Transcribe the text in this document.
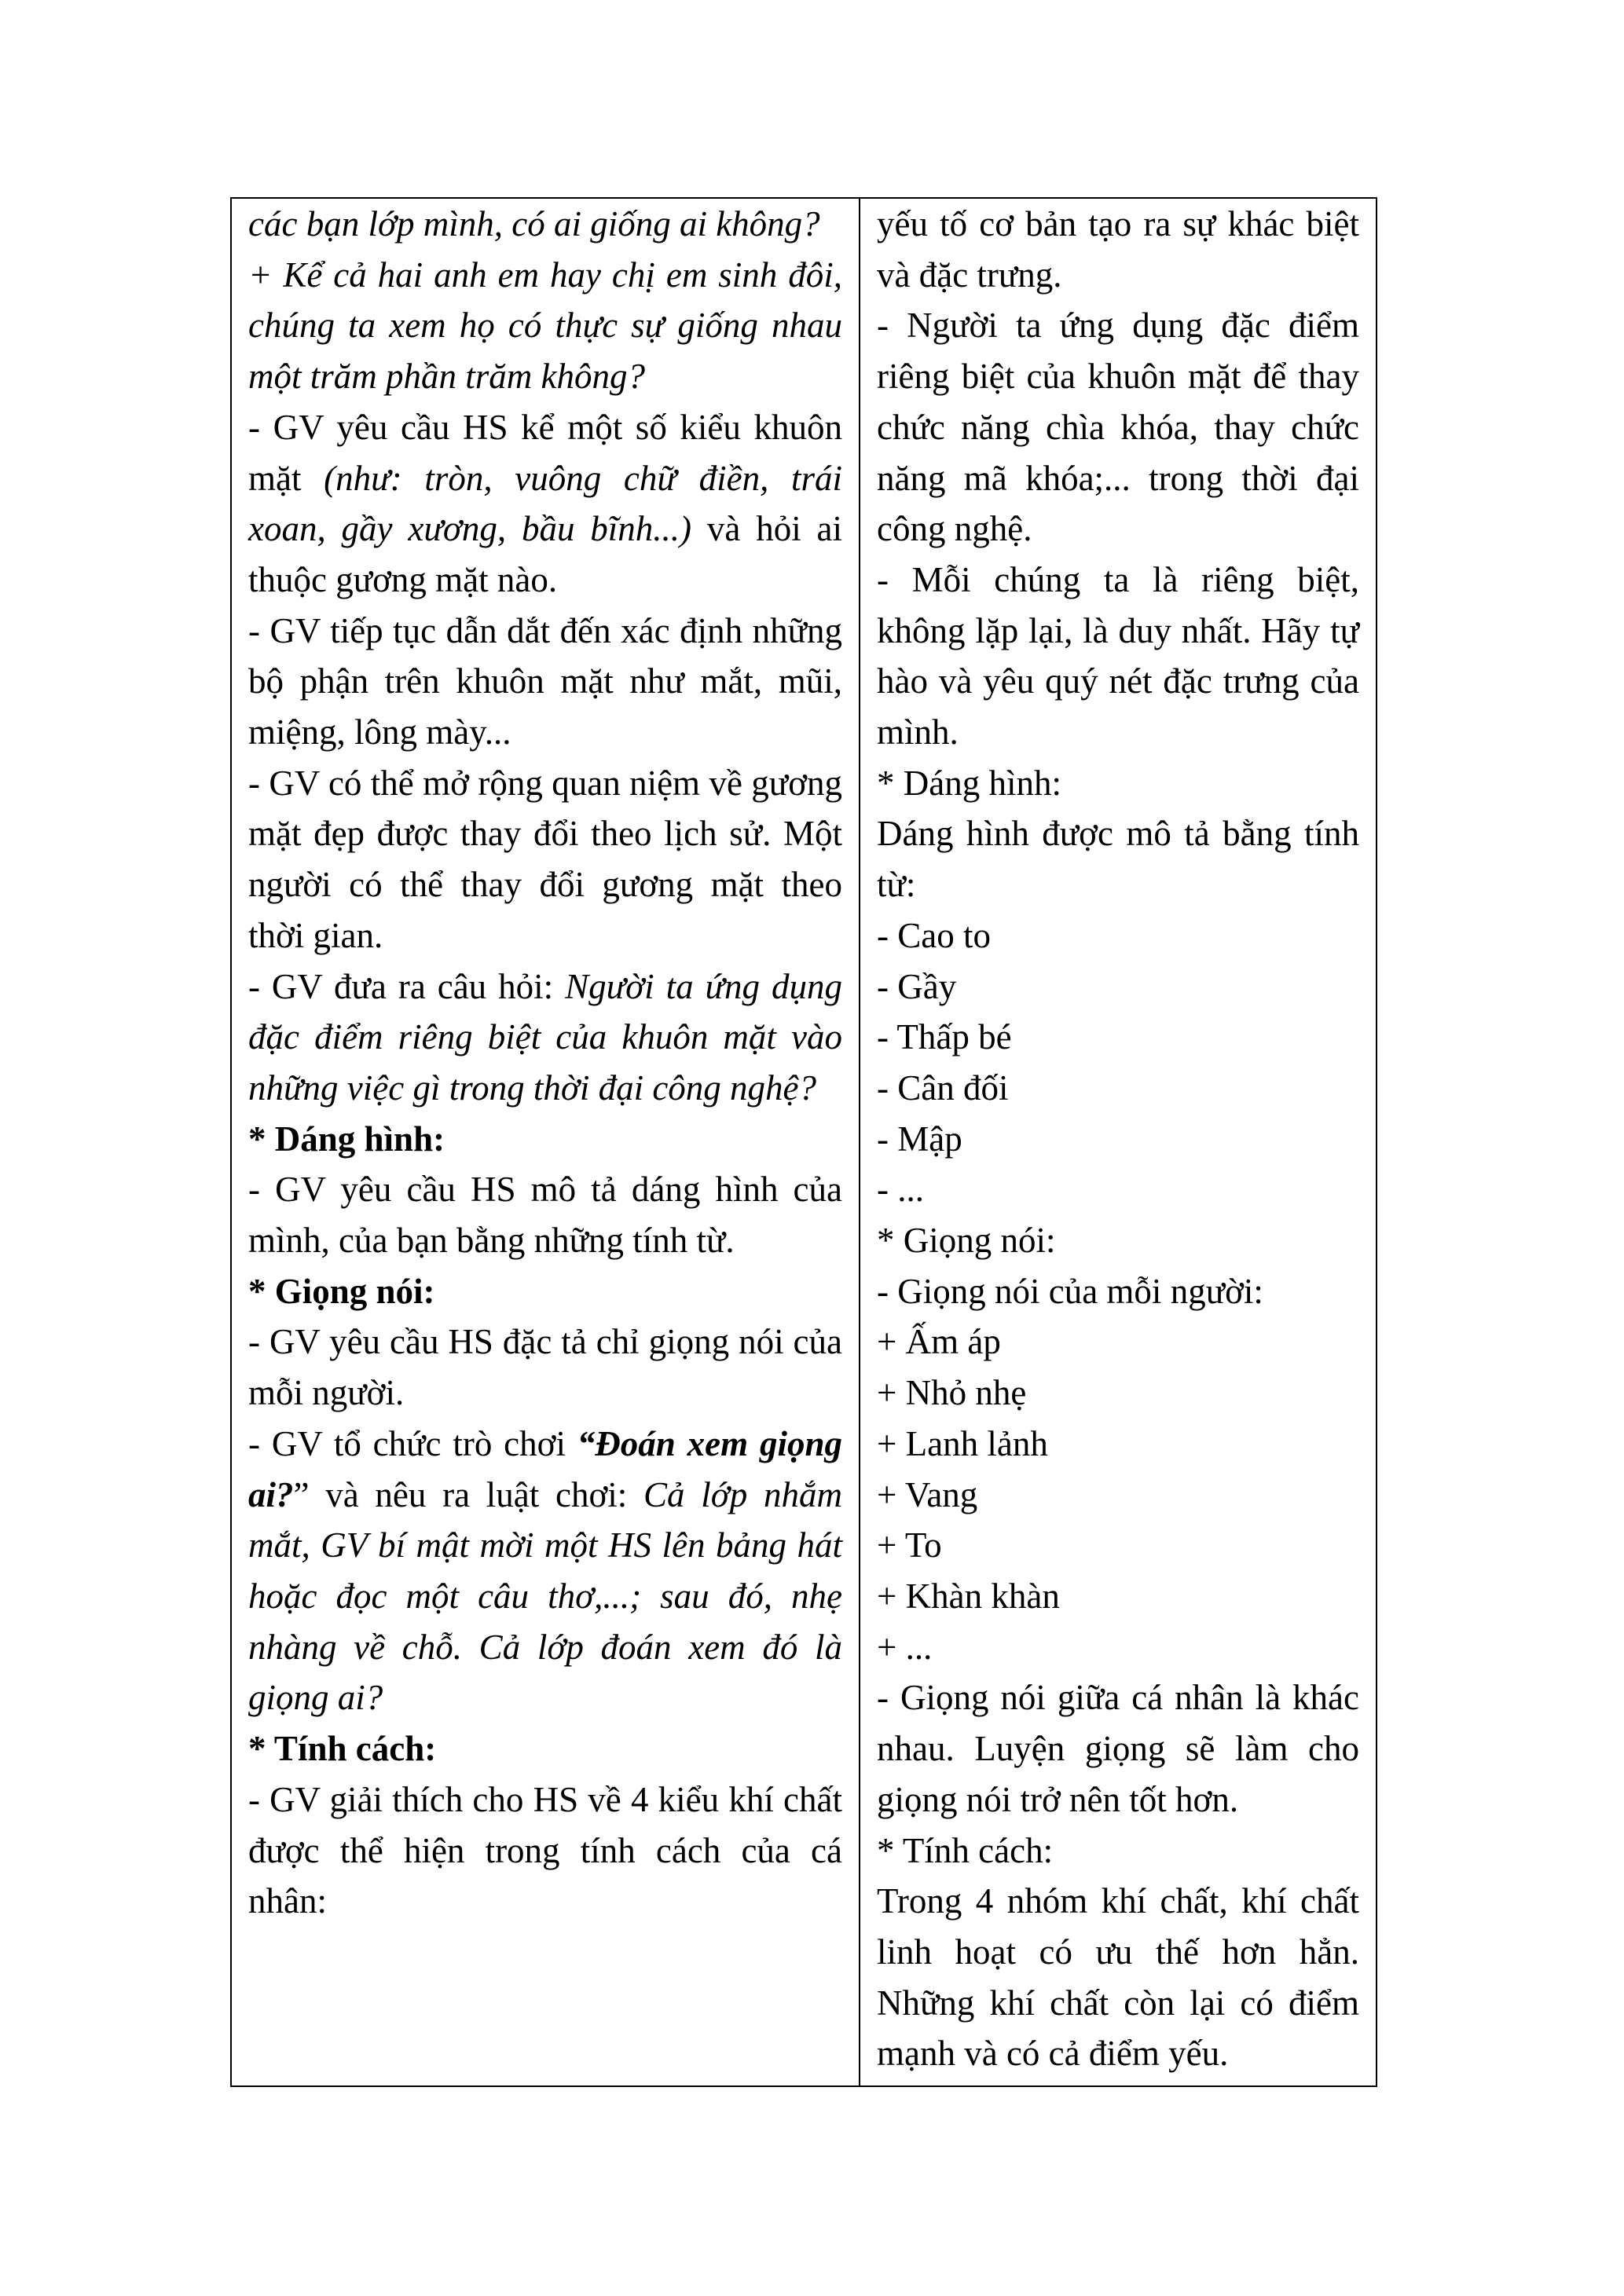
các bạn lớp mình, có ai giống ai không?

+ Kể cả hai anh em hay chị em sinh đôi, chúng ta xem họ có thực sự giống nhau một trăm phần trăm không?

- GV yêu cầu HS kể một số kiểu khuôn mặt (như: tròn, vuông chữ điền, trái xoan, gầy xương, bầu bĩnh...) và hỏi ai thuộc gương mặt nào.

- GV tiếp tục dẫn dắt đến xác định những bộ phận trên khuôn mặt như mắt, mũi, miệng, lông mày...

- GV có thể mở rộng quan niệm về gương mặt đẹp được thay đổi theo lịch sử. Một người có thể thay đổi gương mặt theo thời gian.

- GV đưa ra câu hỏi: Người ta ứng dụng đặc điểm riêng biệt của khuôn mặt vào những việc gì trong thời đại công nghệ?

* Dáng hình:

- GV yêu cầu HS mô tả dáng hình của mình, của bạn bằng những tính từ.

* Giọng nói:

- GV yêu cầu HS đặc tả chỉ giọng nói của mỗi người.

- GV tổ chức trò chơi “Đoán xem giọng ai?” và nêu ra luật chơi: Cả lớp nhắm mắt, GV bí mật mời một HS lên bảng hát hoặc đọc một câu thơ,...; sau đó, nhẹ nhàng về chỗ. Cả lớp đoán xem đó là giọng ai?

* Tính cách:

- GV giải thích cho HS về 4 kiểu khí chất được thể hiện trong tính cách của cá nhân:

yếu tố cơ bản tạo ra sự khác biệt và đặc trưng.

- Người ta ứng dụng đặc điểm riêng biệt của khuôn mặt để thay chức năng chìa khóa, thay chức năng mã khóa;... trong thời đại công nghệ.

- Mỗi chúng ta là riêng biệt, không lặp lại, là duy nhất. Hãy tự hào và yêu quý nét đặc trưng của mình.

* Dáng hình:

Dáng hình được mô tả bằng tính từ:

- Cao to

- Gầy

- Thấp bé

- Cân đối

- Mập

- ...

* Giọng nói:

- Giọng nói của mỗi người:

+ Ấm áp

+ Nhỏ nhẹ

+ Lanh lảnh

+ Vang

+ To

+ Khàn khàn

+ ...

- Giọng nói giữa cá nhân là khác nhau. Luyện giọng sẽ làm cho giọng nói trở nên tốt hơn.

* Tính cách:

Trong 4 nhóm khí chất, khí chất linh hoạt có ưu thế hơn hẳn. Những khí chất còn lại có điểm mạnh và có cả điểm yếu.
